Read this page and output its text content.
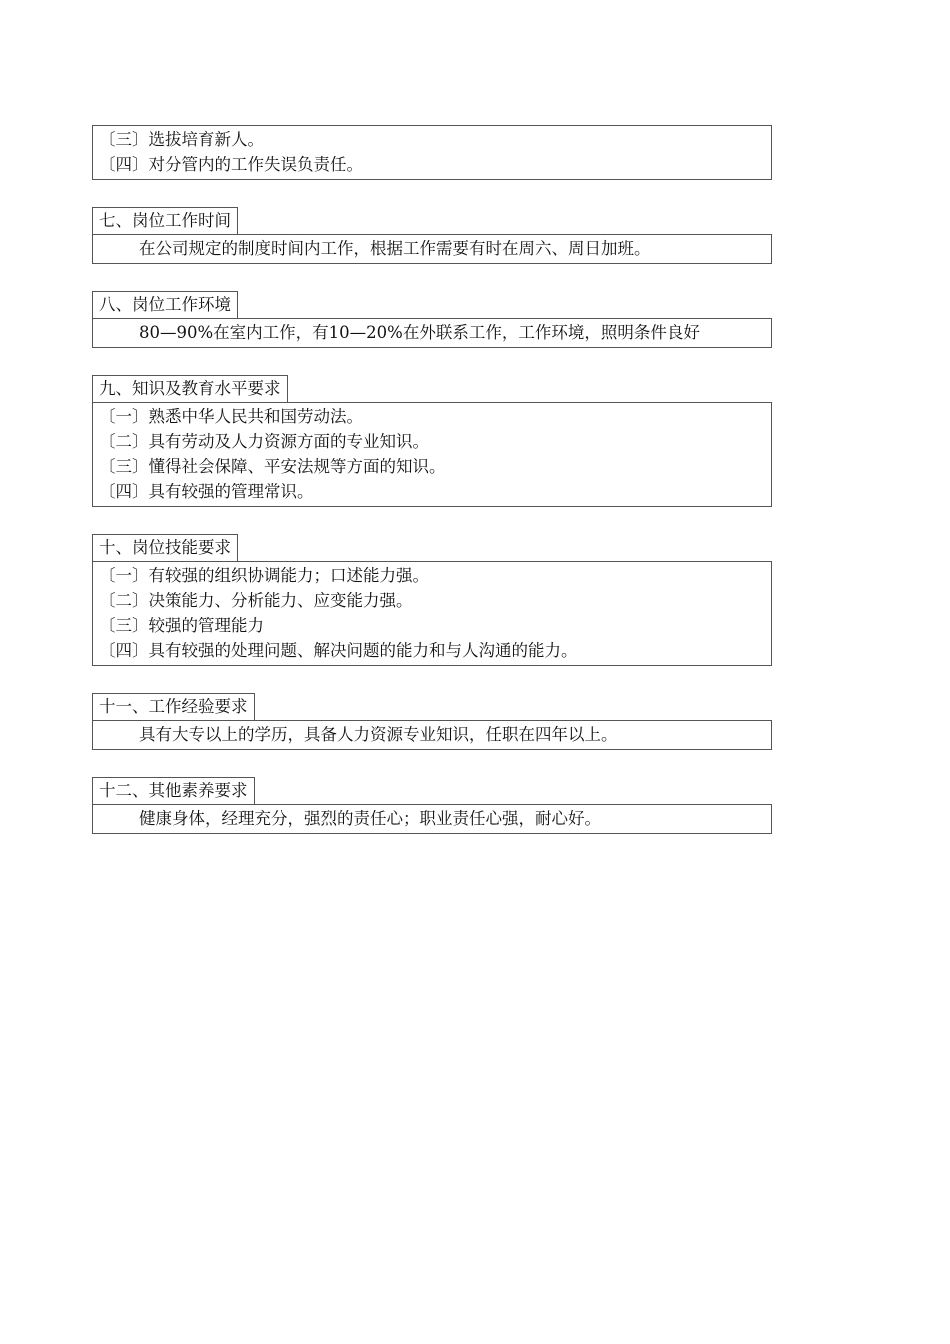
〔三〕选拔培育新人。
〔四〕对分管内的工作失误负责任。
七、岗位工作时间
在公司规定的制度时间内工作，根据工作需要有时在周六、周日加班。
八、岗位工作环境
80—90%在室内工作，有10—20%在外联系工作，工作环境，照明条件良好
九、知识及教育水平要求
〔一〕熟悉中华人民共和国劳动法。
〔二〕具有劳动及人力资源方面的专业知识。
〔三〕懂得社会保障、平安法规等方面的知识。
〔四〕具有较强的管理常识。
十、岗位技能要求
〔一〕有较强的组织协调能力；口述能力强。
〔二〕决策能力、分析能力、应变能力强。
〔三〕较强的管理能力
〔四〕具有较强的处理问题、解决问题的能力和与人沟通的能力。
十一、工作经验要求
具有大专以上的学历，具备人力资源专业知识，任职在四年以上。
十二、其他素养要求
健康身体，经理充分，强烈的责任心；职业责任心强，耐心好。
